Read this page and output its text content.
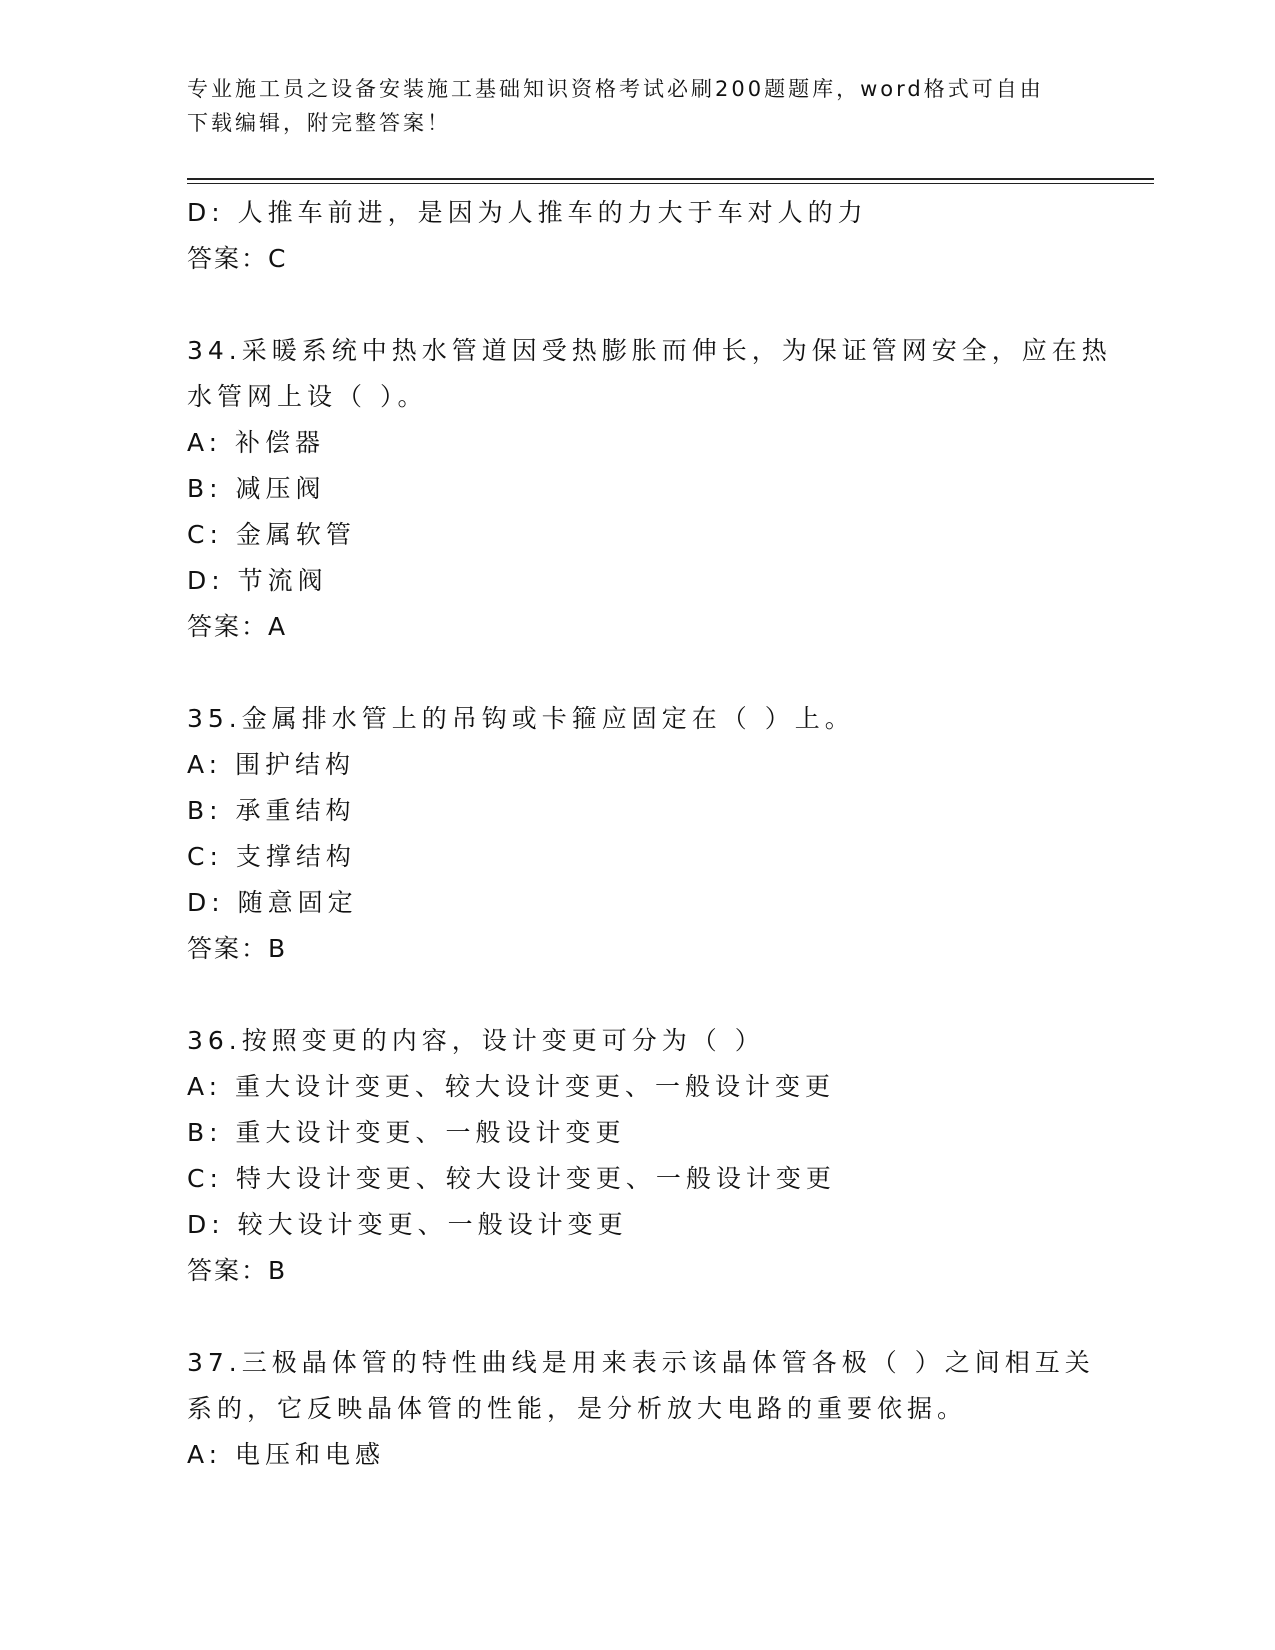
专业施工员之设备安装施工基础知识资格考试必刷200题题库，word格式可自由下载编辑，附完整答案！
D: 人推车前进，是因为人推车的力大于车对人的力
答案：C
34.采暖系统中热水管道因受热膨胀而伸长，为保证管网安全，应在热
水管网上设（ ）。
A: 补偿器
B: 减压阀
C: 金属软管
D: 节流阀
答案：A
35.金属排水管上的吊钩或卡箍应固定在（ ）上。
A: 围护结构
B: 承重结构
C: 支撑结构
D: 随意固定
答案：B
36.按照变更的内容，设计变更可分为（ ）
A: 重大设计变更、较大设计变更、一般设计变更
B: 重大设计变更、一般设计变更
C: 特大设计变更、较大设计变更、一般设计变更
D: 较大设计变更、一般设计变更
答案：B
37.三极晶体管的特性曲线是用来表示该晶体管各极（ ）之间相互关
系的，它反映晶体管的性能，是分析放大电路的重要依据。
A: 电压和电感
